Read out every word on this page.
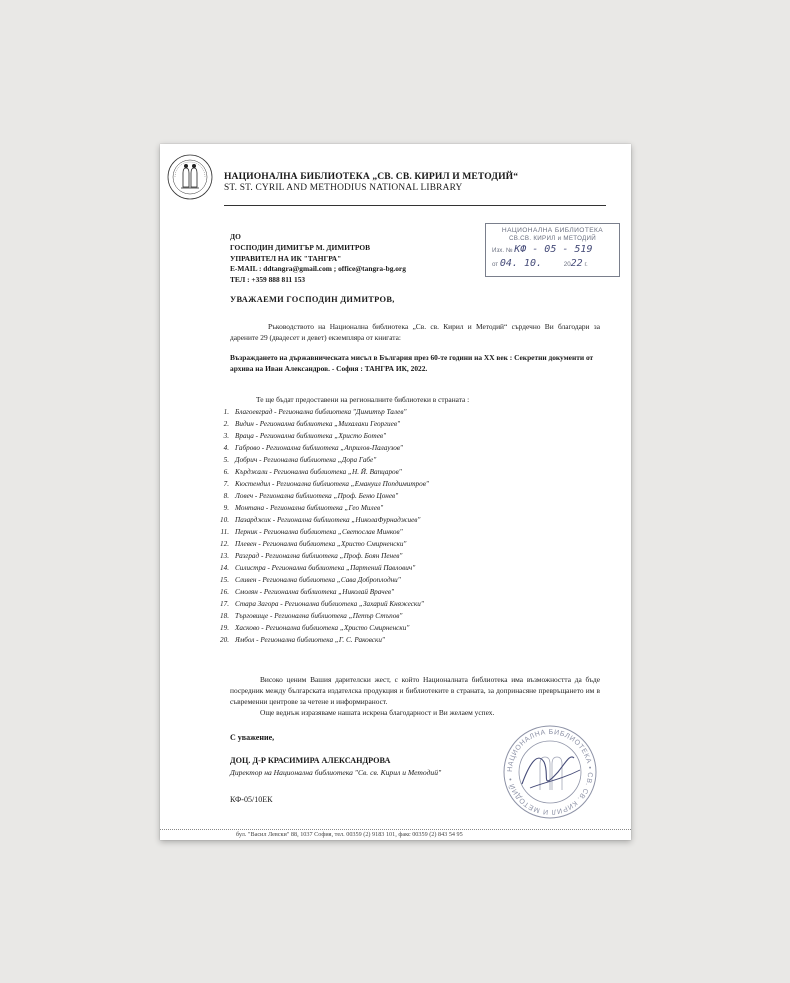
НАЦИОНАЛНА БИБЛИОТЕКА „СВ. СВ. КИРИЛ И МЕТОДИЙ“
ST. ST. CYRIL AND METHODIUS NATIONAL LIBRARY
ДО
ГОСПОДИН ДИМИТЪР М. ДИМИТРОВ
УПРАВИТЕЛ НА ИК "ТАНГРА"
E-MAIL : ddtangra@gmail.com ; office@tangra-bg.org
ТЕЛ : +359 888 811 153
НАЦИОНАЛНА БИБЛИОТЕКА
СВ.СВ. КИРИЛ и МЕТОДИЙ
Изх. № КФ - 05 - 519
от 04. 10.	2022 г.
УВАЖАЕМИ ГОСПОДИН ДИМИТРОВ,
Ръководството на Национална библиотека „Св. св. Кирил и Методий“ сърдечно Ви благодари за дарените 29 (двадесет и девет) екземпляра от книгата:
Възраждането на държавническата мисъл в България през 60-те години на XX век : Секретни документи от архива на Иван Александров. - София : ТАНГРА ИК, 2022.
Те ще бъдат предоставени на регионалните библиотеки в страната :
1. Благоевград - Регионална библиотека "Димитър Талев"
2. Видин - Регионална библиотека „Михалаки Георгиев"
3. Враца - Регионална библиотека „Христо Ботев"
4. Габрово - Регионална библиотека „Априлов-Палаузов"
5. Добрич - Регионална библиотека „Дора Габе"
6. Кърджали - Регионална библиотека „Н. Й. Вапцаров"
7. Кюстендил - Регионална библиотека „Емануил Попдимитров"
8. Ловеч - Регионална библиотека „Проф. Беню Цонев"
9. Монтана - Регионална библиотека „Гео Милев"
10. Пазарджик - Регионална библиотека „НиколаФурнаджиев"
11. Перник - Регионална библиотека „Светослав Минков"
12. Плевен - Регионална библиотека „Христо Смирненски"
13. Разград - Регионална библиотека „Проф. Боян Пенев"
14. Силистра - Регионална библиотека „Партений Павлович"
15. Сливен - Регионална библиотека „Сава Доброплодни"
16. Смолян - Регионална библиотека „Николай Врачев"
17. Стара Загора - Регионална библиотека „Захарий Княжески"
18. Търговище - Регионална библиотека „Петър Стъпов"
19. Хасково - Регионална библиотека „Христо Смирненски"
20. Ямбол - Регионална библиотека „Г. С. Раковски"
Високо ценим Вашия дарителски жест, с който Националната библиотека има възможността да бъде посредник между българската издателска продукция и библиотеките в страната, за допринасяне превръщането им в съвременни центрове за четене и информираност.
Още веднъж изразяваме нашата искрена благодарност и Ви желаем успех.
С уважение,
ДОЦ. Д-Р КРАСИМИРА АЛЕКСАНДРОВА
Директор на Национална библиотека "Св. св. Кирил и Методий"	НАЦИОНАЛНА БИБЛИОТЕКА • СВ. СВ. КИРИЛ И МЕТОДИЙ •
КФ-05/10ЕК
бул. "Васил Левски" 88, 1037 София, тел. 00359 (2) 9183 101, факс 00359 (2) 843 54 95
